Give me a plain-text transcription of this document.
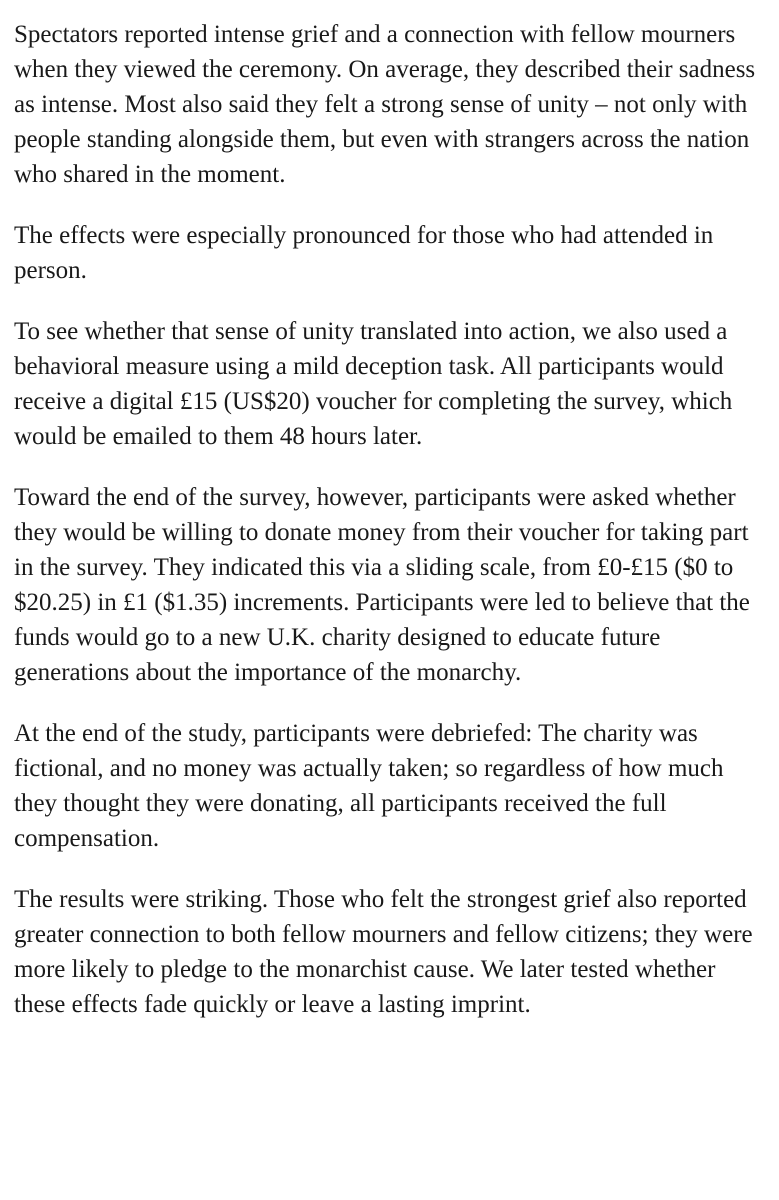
Spectators reported intense grief and a connection with fellow mourners when they viewed the ceremony. On average, they described their sadness as intense. Most also said they felt a strong sense of unity – not only with people standing alongside them, but even with strangers across the nation who shared in the moment.

The effects were especially pronounced for those who had attended in person.

To see whether that sense of unity translated into action, we also used a behavioral measure using a mild deception task. All participants would receive a digital £15 (US$20) voucher for completing the survey, which would be emailed to them 48 hours later.

Toward the end of the survey, however, participants were asked whether they would be willing to donate money from their voucher for taking part in the survey. They indicated this via a sliding scale, from £0-£15 ($0 to $20.25) in £1 ($1.35) increments. Participants were led to believe that the funds would go to a new U.K. charity designed to educate future generations about the importance of the monarchy.

At the end of the study, participants were debriefed: The charity was fictional, and no money was actually taken; so regardless of how much they thought they were donating, all participants received the full compensation.

The results were striking. Those who felt the strongest grief also reported greater connection to both fellow mourners and fellow citizens; they were more likely to pledge to the monarchist cause. We later tested whether these effects fade quickly or leave a lasting imprint.
